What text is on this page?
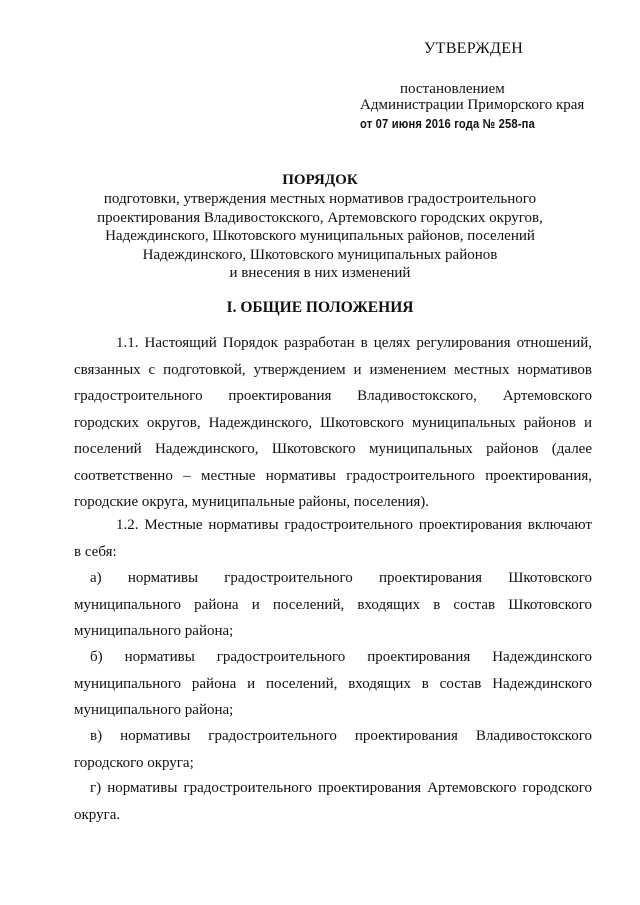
УТВЕРЖДЕН
постановлением
Администрации Приморского края
от 07 июня 2016 года № 258-па
ПОРЯДОК
подготовки, утверждения местных нормативов градостроительного
проектирования Владивостокского, Артемовского городских округов,
Надеждинского, Шкотовского муниципальных районов, поселений
Надеждинского, Шкотовского муниципальных районов
и внесения в них изменений
I. ОБЩИЕ ПОЛОЖЕНИЯ
1.1. Настоящий Порядок разработан в целях регулирования отношений, связанных с подготовкой, утверждением и изменением местных нормативов градостроительного проектирования Владивостокского, Артемовского городских округов, Надеждинского, Шкотовского муниципальных районов и поселений Надеждинского, Шкотовского муниципальных районов (далее соответственно – местные нормативы градостроительного проектирования, городские округа, муниципальные районы, поселения).
1.2. Местные нормативы градостроительного проектирования включают в себя:
а) нормативы градостроительного проектирования Шкотовского муниципального района и поселений, входящих в состав Шкотовского муниципального района;
б) нормативы градостроительного проектирования Надеждинского муниципального района и поселений, входящих в состав Надеждинского муниципального района;
в) нормативы градостроительного проектирования Владивостокского городского округа;
г) нормативы градостроительного проектирования Артемовского городского округа.
